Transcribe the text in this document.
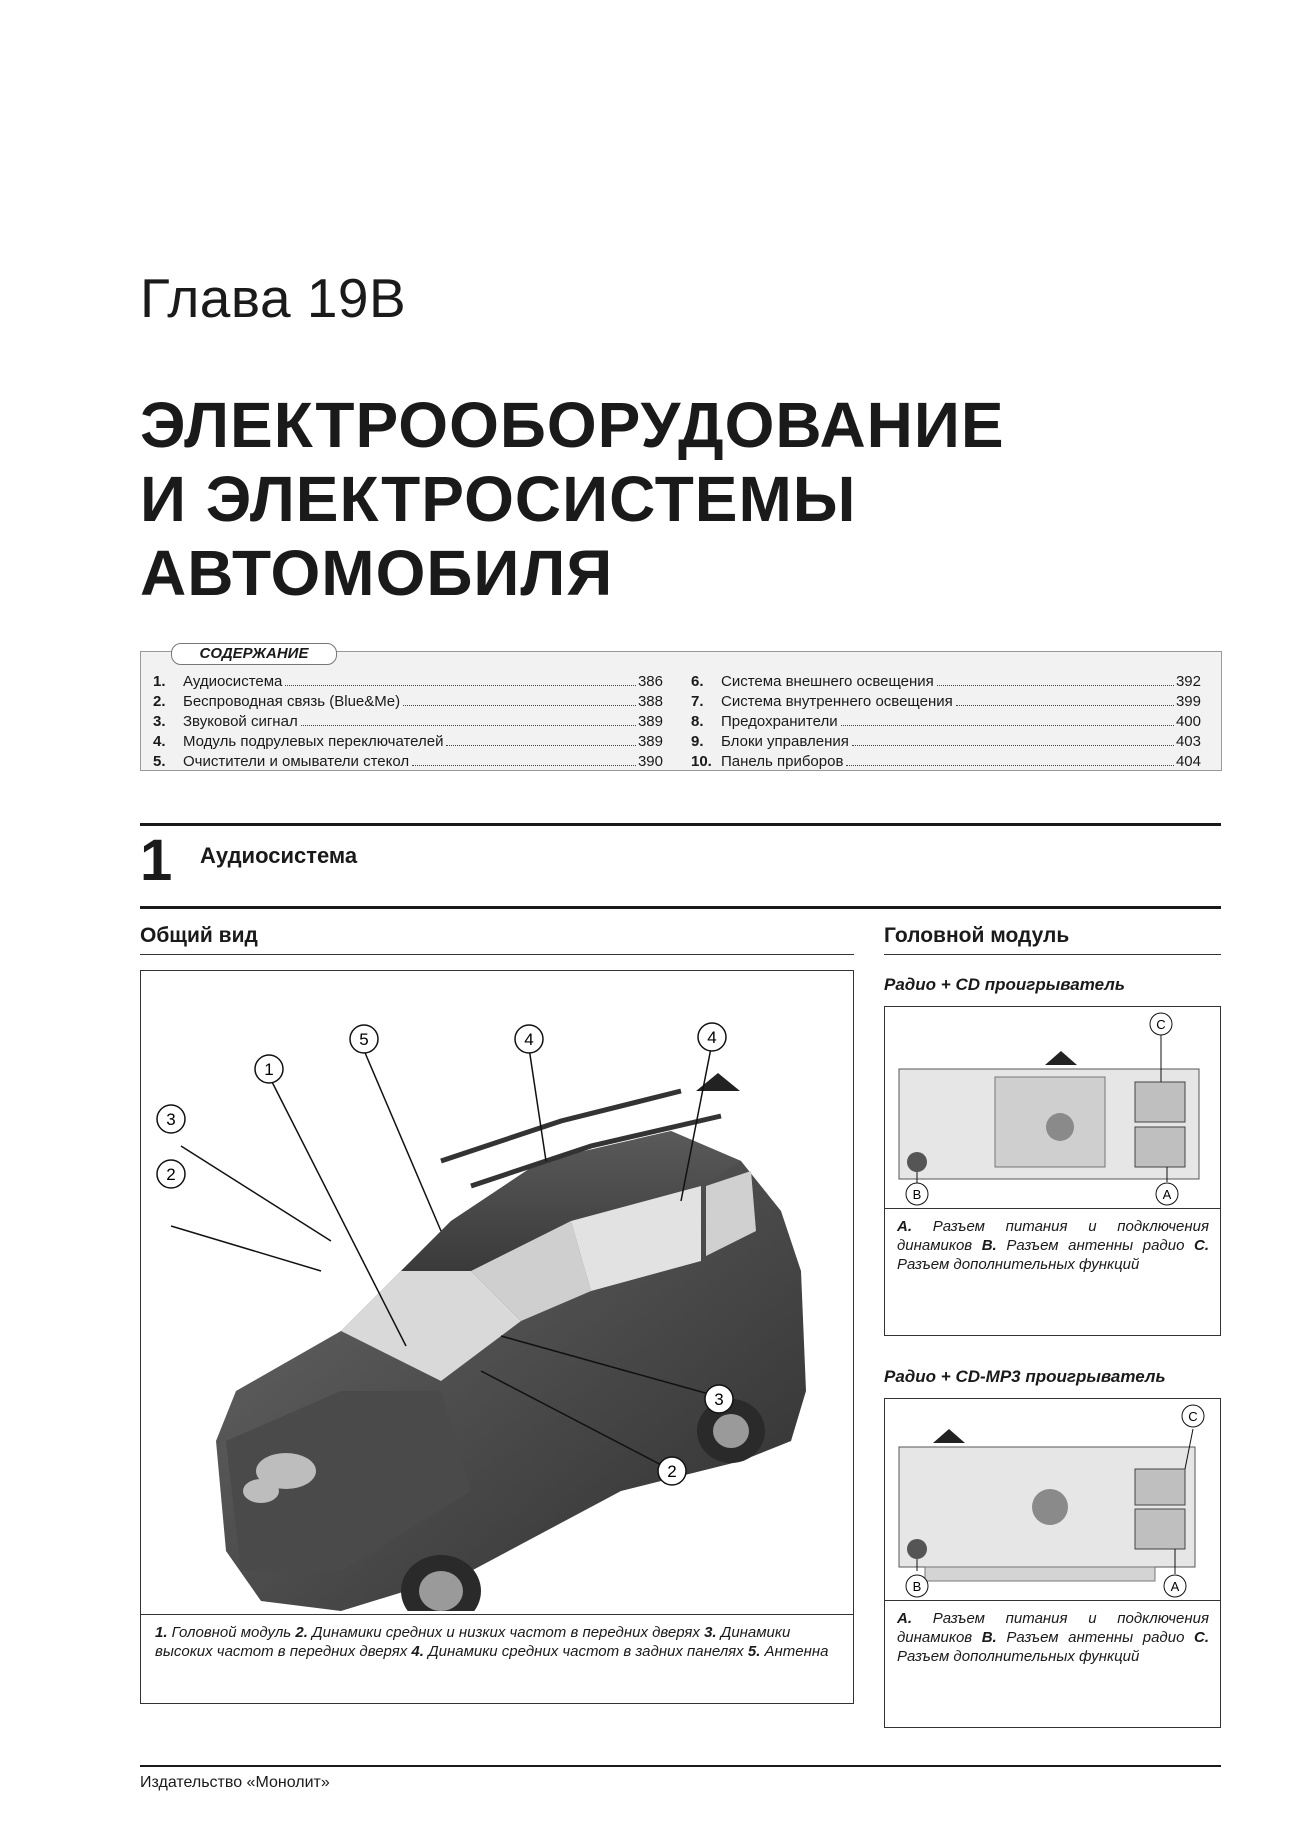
Глава 19В
ЭЛЕКТРООБОРУДОВАНИЕ
И ЭЛЕКТРОСИСТЕМЫ
АВТОМОБИЛЯ
СОДЕРЖАНИЕ
1.	Аудиосистема	386
2.	Беспроводная связь (Blue&Me)	388
3.	Звуковой сигнал	389
4.	Модуль подрулевых переключателей	389
5.	Очистители и омыватели стекол	390
6.	Система внешнего освещения	392
7.	Система внутреннего освещения	399
8.	Предохранители	400
9.	Блоки управления	403
10. Панель приборов	404
1 Аудиосистема
Общий вид
1
2
3
4
5	4
3
2
1. Головной модуль 2. Динамики средних и низких частот в передних дверях 3. Динамики высоких частот в передних дверях 4. Динамики средних частот в задних панелях 5. Антенна
Головной модуль
Радио + CD проигрыватель
C
B	A
А. Разъем питания и подключения динамиков B. Разъем антенны радио C. Разъем дополнительных функций
Радио + CD-MP3 проигрыватель
C
B	A
А. Разъем питания и подключения динамиков B. Разъем антенны радио C. Разъем дополнительных функций
Издательство «Монолит»
